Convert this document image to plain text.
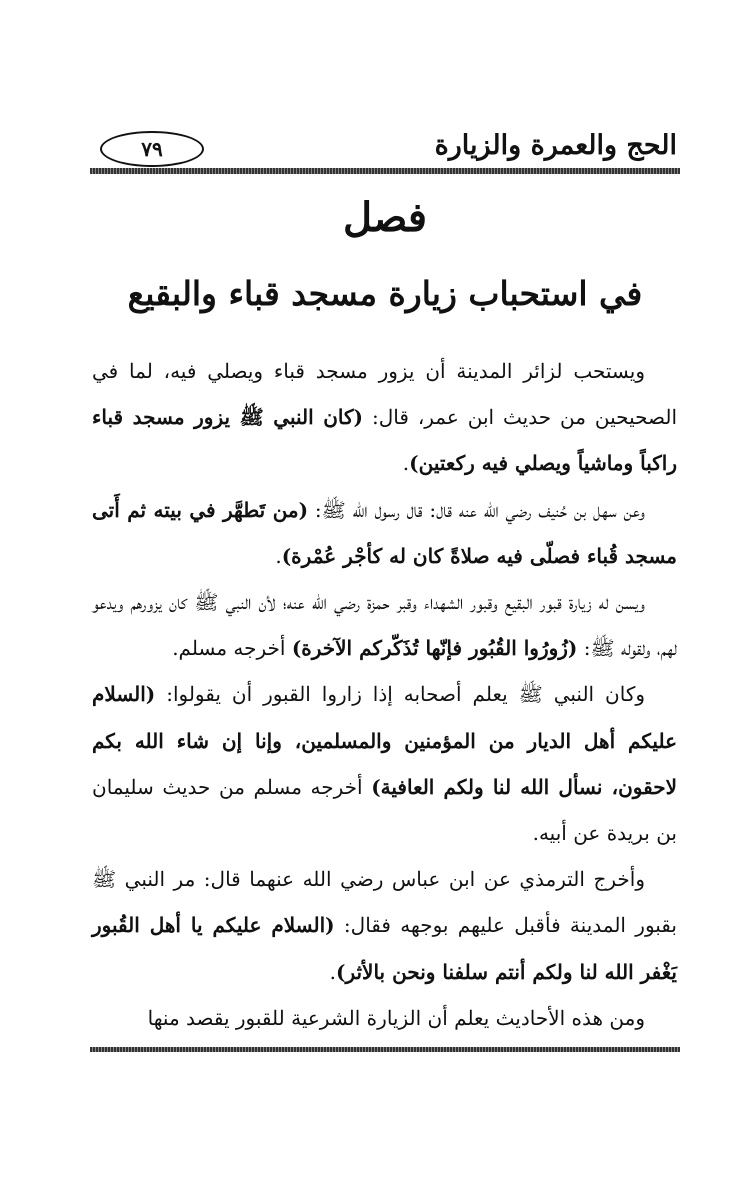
الحج والعمرة والزيارة
٧٩
فصل
في استحباب زيارة مسجد قباء والبقيع

ويستحب لزائر المدينة أن يزور مسجد قباء ويصلي فيه، لما في الصحيحين من حديث ابن عمر، قال: (كان النبي ﷺ يزور مسجد قباء راكباً وماشياً ويصلي فيه ركعتين).

وعن سهل بن حُنيف رضي الله عنه قال: قال رسول الله ﷺ: (من تَطهَّر في بيته ثم أَتى مسجد قُباء فصلّى فيه صلاةً كان له كأجْر عُمْرة).

ويسن له زيارة قبور البقيع وقبور الشهداء وقبر حمزة رضي الله عنه؛ لأن النبي ﷺ كان يزورهم ويدعو لهم، ولقوله ﷺ: (زُورُوا القُبُور فإنّها تُذَكّركم الآخرة) أخرجه مسلم.

وكان النبي ﷺ يعلم أصحابه إذا زاروا القبور أن يقولوا: (السلام عليكم أهل الديار من المؤمنين والمسلمين، وإنا إن شاء الله بكم لاحقون، نسأل الله لنا ولكم العافية) أخرجه مسلم من حديث سليمان بن بريدة عن أبيه.

وأخرج الترمذي عن ابن عباس رضي الله عنهما قال: مر النبي ﷺ بقبور المدينة فأقبل عليهم بوجهه فقال: (السلام عليكم يا أهل القُبور يَغْفر الله لنا ولكم أنتم سلفنا ونحن بالأثر).

ومن هذه الأحاديث يعلم أن الزيارة الشرعية للقبور يقصد منها
